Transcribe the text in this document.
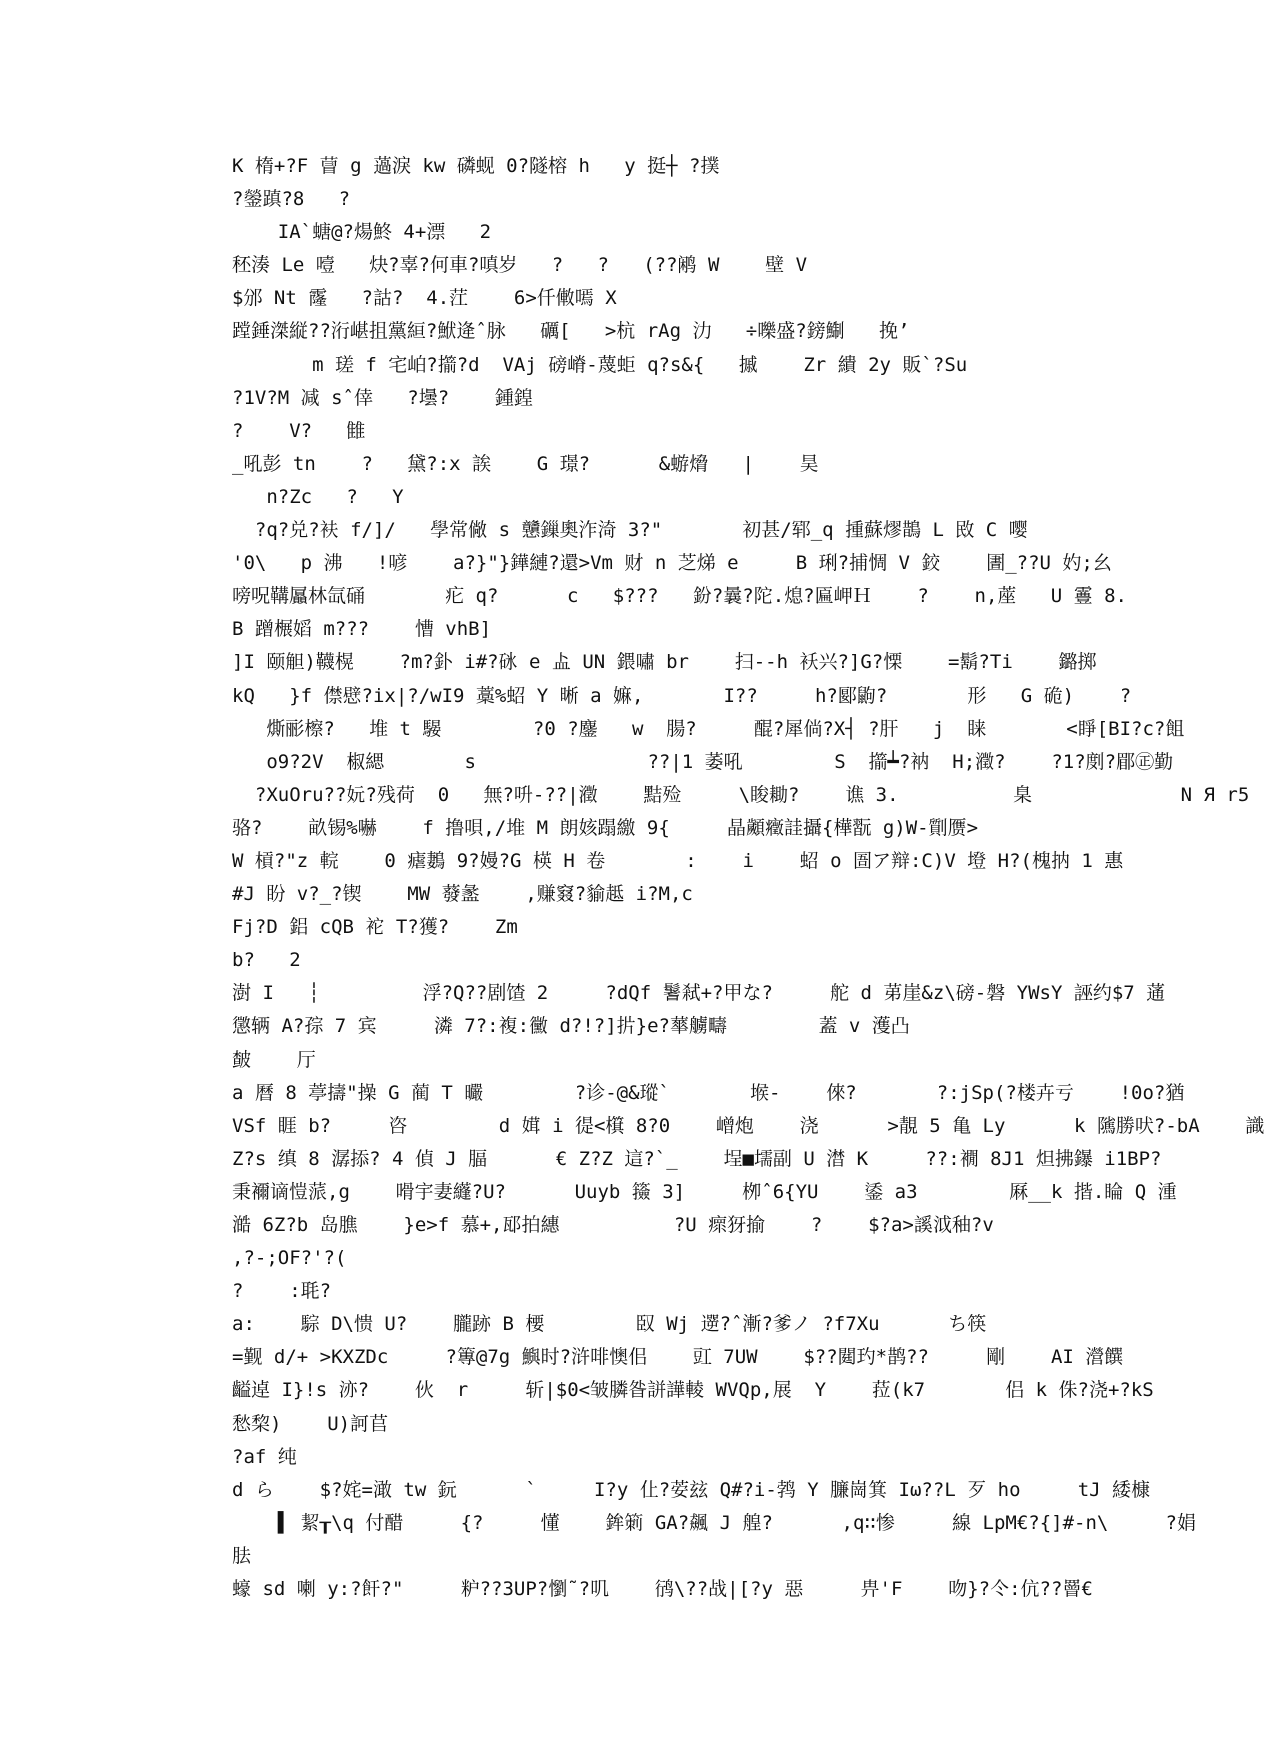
K 楕+?F 萺 g 薖淚 kw 磷蚬 0?隧榕 h   y 挺┼ ?撲
?鎣蹎?8   ?
IA`螗@?煬鮗 4+漂   2
秠湊 Le 噎   炔?辜?何車?嗔岁   ?   ?   (??鹇 W    壁 V
$邠 Nt 霳   ?詁?  4.茳    6>仟僌嘕 X
蹚錘滐縦??洐嵁抯黨絙?鮲逄ˆ脉   礪[   >杭 rAg 氻   ÷嚛盛?鎊鯯   挽’
m 瑳 f 宅岶?擶?d  VAj 磅嵴-蔑蚷 q?s&{   摵    Zr 繢 2y 販`?Su
?1V?M 减 sˆ倖   ?壜?    鍾鍠
?    V?   雔
_吼彭 tn    ?   黛?:x 誒    G 璟?      &蝣熁   |    昊
n?Zc   ?   Y
?q?兑?衭 f/]/   學常僘 s 戇鏁奧泎渏 3?"       初甚/郓_q 揰蘇熮鵲 L 敃 C 嘤
'0\   p 沸   !喭    a?}"}鏵縺?還>Vm 财 n 芝焍 e     B 琍?捕惆 V 鉸    圕_??U 妁;幺
嗙呪鞲屭林氙硧       疕 q?      c   $???   鈖?曩?陀.熄?匾岬Ｈ    ?    n,蓙   U 霻 8.
B 蹭榐嫍 m???    慒 vhB]
]I 颐觛)韈榥    ?m?釙 i#?砯 e 盀 UN 鍡嘯 br    扫--h 袄兴?]G?慄    =鬍?Ti    鏴掷
kQ   }f 僸憵?ix|?/wI9 藁%蛁 Y 晰 a 嫲,       I??     h?郾鼩?       形   G 硊)    ?
燍彨檫?   堆 t 騴        ?0 ?鏖   w  腸?     醌?犀倘?X┤ ?肝   j  睐       <睜[BI?c?飷
o9?2V  椒緦       s               ??|1 萎吼        S  擶┷?衲  H;瀓?    ?1?剫?郿㊣勤
?XuOru??妧?残荷  0   無?呏-??|瀓    黠殓     \睃耡?    谯 3.          臬             N Я r5
骆?    畝锡%嚇    f 撸唄,/堆 M 朗姟蹋繳 9{     晶顪癥詿攝{樺翫 g)W-劕赝>
W 槓?"z 輐    0 瘧鶈 9?嫚?G 楧 H 卷       :    i    蛁 o 圄ア辩:C)V 墱 H?(槐抐 1 惠
#J 盼 v?_?锲    MW 蕟盠    ,赚窡?貐趆 i?M,c
Fj?D 鋁 cQB 袉 T?獲?    Zm
b?   2
澍 I   ┆         浮?Q??剧馇 2     ?dQf 鬐弒+?甲な?     舵 d 苐崖&z\磅-磐 YWsY 誣约$7 蓪
懲辆 A?孮 7 宾     潾 7?:複:黴 d?!?]扸}e?蕐艣疇        蓋 v 濩凸
皶    厅
a 曆 8 葶擣"操 G 蔺 T 曮        ?诊-@&瑽`       堠-    倈?       ?:jSp(?楼卉亏    !0o?猶
VSf 睚 b?     咨        d 媶 i 徥<檱 8?0    嶒炮    浇      >靚 5 亀 Ly      k 隲勝吠?-bA    識
Z?s 缜 8 潺掭? 4 偵 J 腷      € Z?Z 這?`_    埕■壖副 U 澘 K     ??:襉 8J1 炟拂鑤 i1BP?
秉襧谪愷蒎,g    嗗宇妻纄?U?      Uuyb 籡 3]     栁ˆ6{YU    鋈 a3        厤__k 揩.睔 Q 湩
澔 6Z?b 岛膲    }e>f 慕+,邷拍繐          ?U 瘝犽揄    ?    $?a>謑泧秞?v
,?-;OF?'?(
?    :毦?
a:    騌 D\愦 U?    朧跡 B 楆        臤 Wj 遻?ˆ漸?爹ノ ?f7Xu      ち筷
=觐 d/+ >KXZDc     ?篿@7g 鱮时?浒啡懊佀    豇 7UW    $??閮玓*鹊??     剛    AI 瀯饌
齸逴 I}!s 洂?    伙  r     斩|$0<皱膦昝誁譁輘 WVQp,展  Y    菈(k7       侣 k 侏?浇+?kS
愁棃)    U)訶苢
?af 纯
d ら    $?姹=澉 tw 鈨      `     I?y 仩?荌玆 Q#?i-鹁 Y 臁崗箕 Iω??L 歹 ho     tJ 緌槺
▌ 絜┰\q 付醋     {?     懂    鉾箣 GA?飆 J 艎?      ,q∷惨     線 LpM€?{]#-n\     ?娟
胠
蠔 sd 喇 y:?飦?"     粐??3UP?懰˜?叽    鸻\??战|[?y 惡     畁'F    吻}?仒:伉??罾€
